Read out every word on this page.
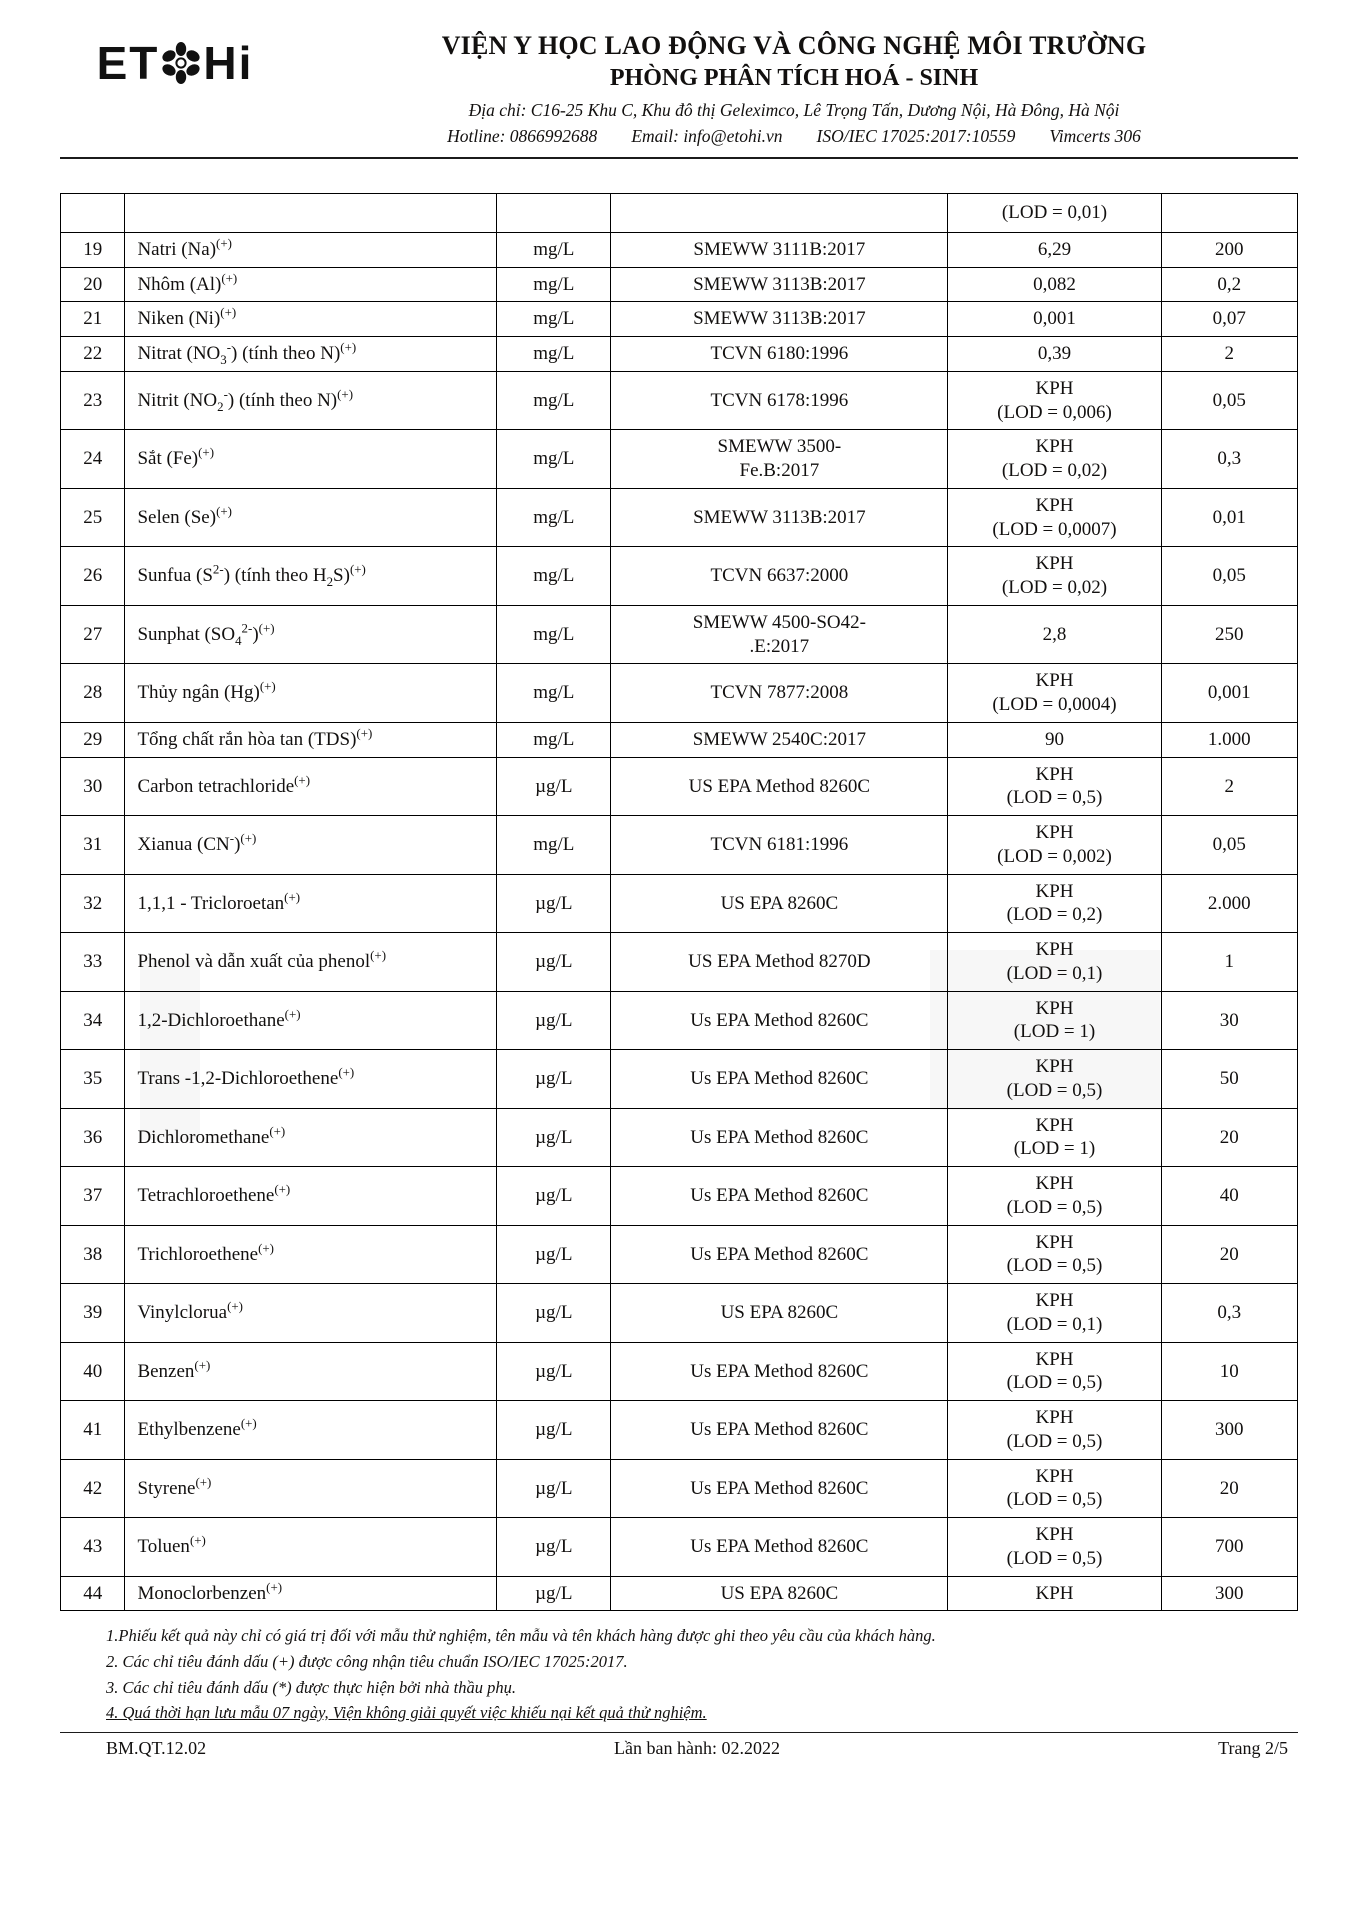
ET Hi	VIỆN Y HỌC LAO ĐỘNG VÀ CÔNG NGHỆ MÔI TRƯỜNG
PHÒNG PHÂN TÍCH HOÁ - SINH
Địa chỉ: C16-25 Khu C, Khu đô thị Geleximco, Lê Trọng Tấn, Dương Nội, Hà Đông, Hà Nội
Hotline: 0866992688 Email: info@etohi.vn ISO/IEC 17025:2017:10559 Vimcerts 306
				(LOD = 0,01)	
19	Natri (Na)(+)	mg/L	SMEWW 3111B:2017	6,29	200
20	Nhôm (Al)(+)	mg/L	SMEWW 3113B:2017	0,082	0,2
21	Niken (Ni)(+)	mg/L	SMEWW 3113B:2017	0,001	0,07
22	Nitrat $(NO_3^-)$ (tính theo N)(+)	mg/L	TCVN 6180:1996	0,39	2
23	Nitrit $(NO_2^-)$ (tính theo N)(+)	mg/L	TCVN 6178:1996	KPH
(LOD = 0,006)	0,05
24	Sắt (Fe)(+)	mg/L	SMEWW 3500-
Fe.B:2017	KPH
(LOD = 0,02)	0,3
25	Selen (Se)(+)	mg/L	SMEWW 3113B:2017	KPH
(LOD = 0,0007)	0,01
26	Sunfua $(S^{2-})$ (tính theo $H_2S)^{(+)}$	mg/L	TCVN 6637:2000	KPH
(LOD = 0,02)	0,05
27	Sunphat $(SO_4^{2-})^{(+)}$	mg/L	SMEWW 4500-SO42-
.E:2017	2,8	250
28	Thủy ngân (Hg)(+)	mg/L	TCVN 7877:2008	KPH
(LOD = 0,0004)	0,001
29	Tổng chất rắn hòa tan (TDS)(+)	mg/L	SMEWW 2540C:2017	90	1.000
30	Carbon tetrachloride(+)	µg/L	US EPA Method 8260C	KPH
(LOD = 0,5)	2
31	Xianua (CN-)(+)	mg/L	TCVN 6181:1996	KPH
(LOD = 0,002)	0,05
32	1,1,1 - Tricloroetan(+)	µg/L	US EPA 8260C	KPH
(LOD = 0,2)	2.000
33	Phenol và dẫn xuất của phenol(+)	µg/L	US EPA Method 8270D	KPH
(LOD = 0,1)	1
34	1,2-Dichloroethane(+)	µg/L	Us EPA Method 8260C	KPH
(LOD = 1)	30
35	Trans -1,2-Dichloroethene(+)	µg/L	Us EPA Method 8260C	KPH
(LOD = 0,5)	50
36	Dichloromethane(+)	µg/L	Us EPA Method 8260C	KPH
(LOD = 1)	20
37	Tetrachloroethene(+)	µg/L	Us EPA Method 8260C	KPH
(LOD = 0,5)	40
38	Trichloroethene(+)	µg/L	Us EPA Method 8260C	KPH
(LOD = 0,5)	20
39	Vinylclorua(+)	µg/L	US EPA 8260C	KPH
(LOD = 0,1)	0,3
40	Benzen(+)	µg/L	Us EPA Method 8260C	KPH
(LOD = 0,5)	10
41	Ethylbenzene(+)	µg/L	Us EPA Method 8260C	KPH
(LOD = 0,5)	300
42	Styrene(+)	µg/L	Us EPA Method 8260C	KPH
(LOD = 0,5)	20
43	Toluen(+)	µg/L	Us EPA Method 8260C	KPH
(LOD = 0,5)	700
44	Monoclorbenzen(+)	µg/L	US EPA 8260C	KPH	300
1.Phiếu kết quả này chỉ có giá trị đối với mẫu thử nghiệm, tên mẫu và tên khách hàng được ghi theo yêu cầu của khách hàng.
2. Các chỉ tiêu đánh dấu (+) được công nhận tiêu chuẩn ISO/IEC 17025:2017.
3. Các chỉ tiêu đánh dấu (*) được thực hiện bởi nhà thầu phụ.
4. Quá thời hạn lưu mẫu 07 ngày, Viện không giải quyết việc khiếu nại kết quả thử nghiệm.
BM.QT.12.02	Lần ban hành: 02.2022	Trang 2/5
